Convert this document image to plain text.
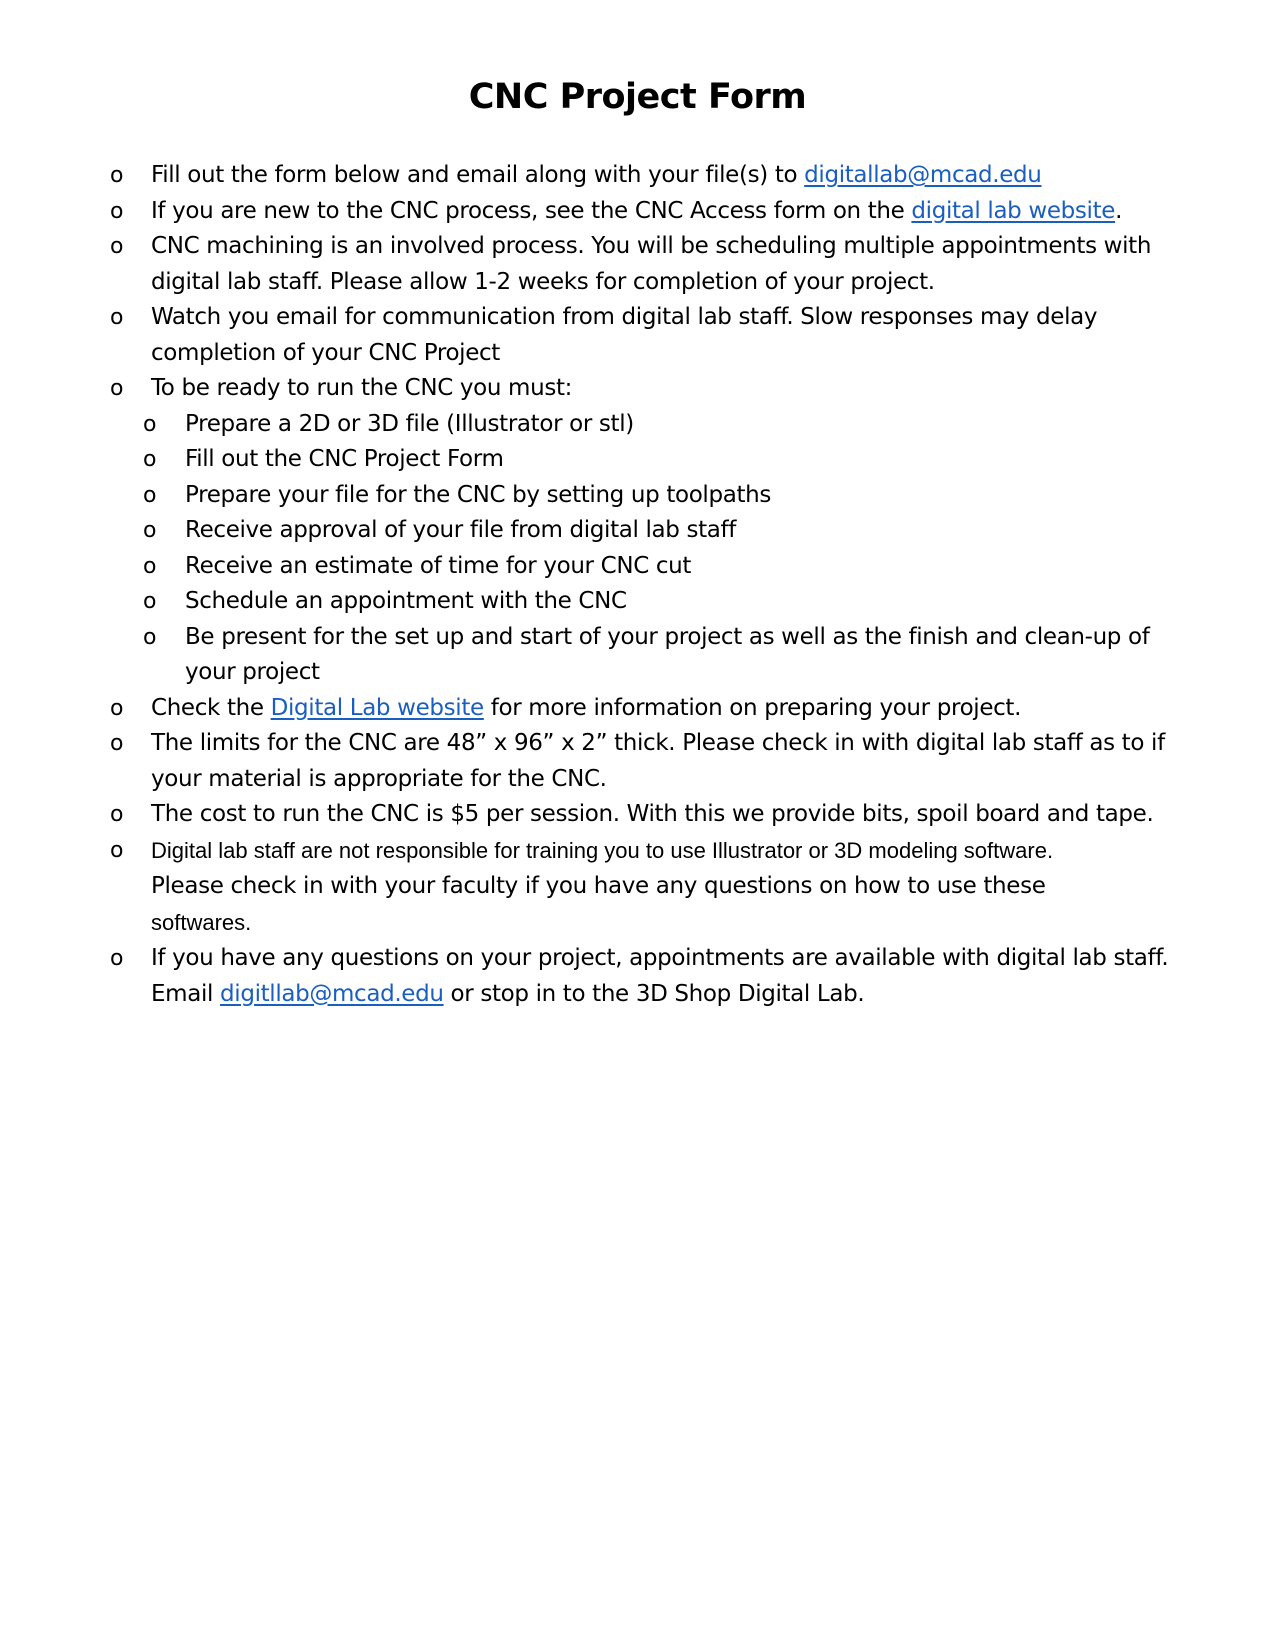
CNC Project Form
o Fill out the form below and email along with your file(s) to digitallab@mcad.edu
o If you are new to the CNC process, see the CNC Access form on the digital lab website.
o CNC machining is an involved process. You will be scheduling multiple appointments with digital lab staff. Please allow 1-2 weeks for completion of your project.
o Watch you email for communication from digital lab staff. Slow responses may delay completion of your CNC Project
o To be ready to run the CNC you must:
o Prepare a 2D or 3D file (Illustrator or stl)
o Fill out the CNC Project Form
o Prepare your file for the CNC by setting up toolpaths
o Receive approval of your file from digital lab staff
o Receive an estimate of time for your CNC cut
o Schedule an appointment with the CNC
o Be present for the set up and start of your project as well as the finish and clean-up of your project
o Check the Digital Lab website for more information on preparing your project.
o The limits for the CNC are 48” x 96” x 2” thick. Please check in with digital lab staff as to if your material is appropriate for the CNC.
o The cost to run the CNC is $5 per session. With this we provide bits, spoil board and tape.
o	Digital lab staff are not responsible for training you to use Illustrator or 3D modeling software.
Please check in with your faculty if you have any questions on how to use these
softwares.
o If you have any questions on your project, appointments are available with digital lab staff. Email digitllab@mcad.edu or stop in to the 3D Shop Digital Lab.
